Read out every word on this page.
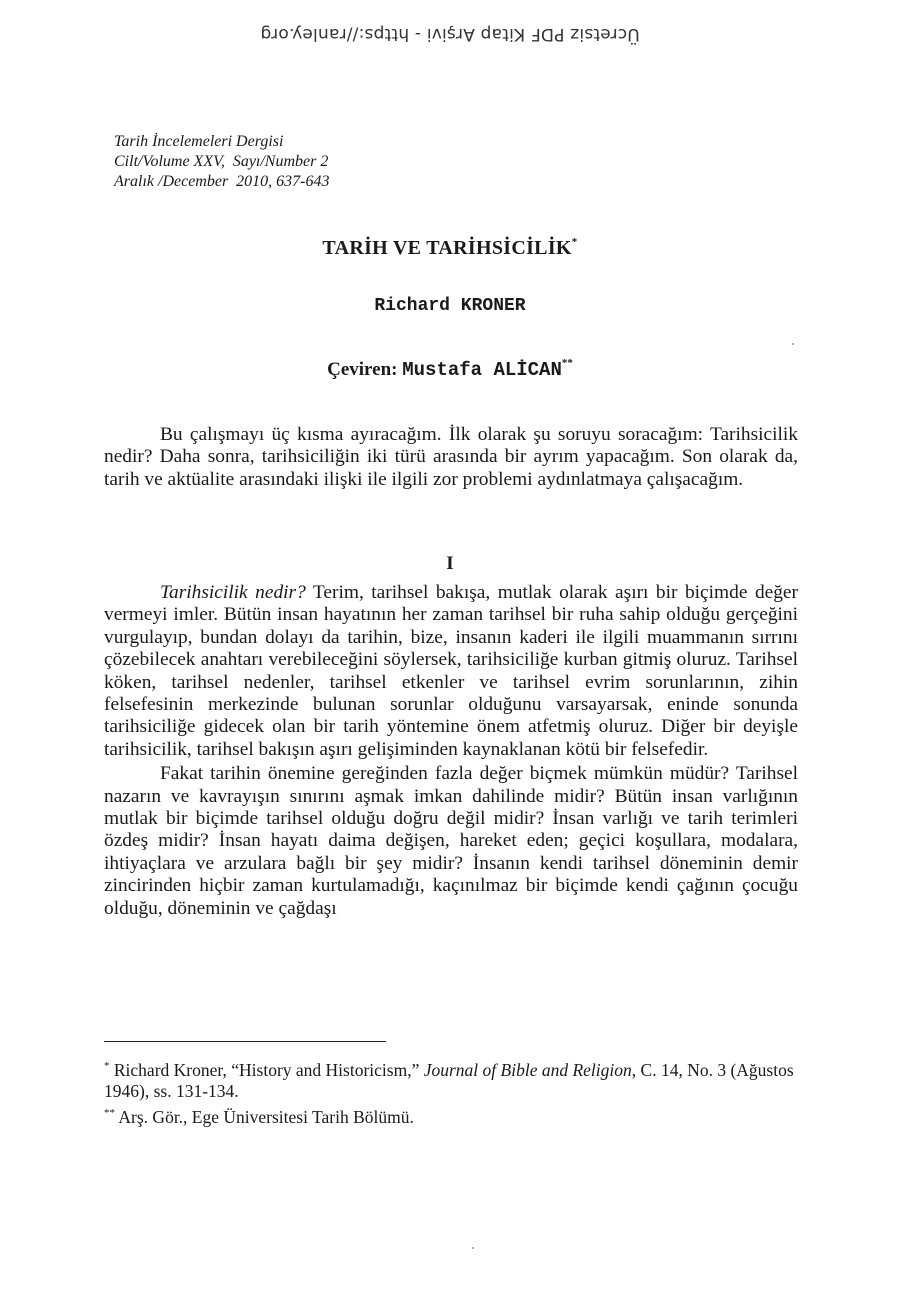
Ücretsiz PDF Kitap Arşivi - https://ranley.org
Tarih İncelemeleri Dergisi
Cilt/Volume XXV,  Sayı/Number 2
Aralık /December  2010, 637-643
TARİH VE TARİHSİCİLİK*
Richard KRONER
Çeviren: Mustafa ALİCAN**

Bu çalışmayı üç kısma ayıracağım. İlk olarak şu soruyu soracağım: Tarihsicilik nedir? Daha sonra, tarihsiciliğin iki türü arasında bir ayrım yapacağım. Son olarak da, tarih ve aktüalite arasındaki ilişki ile ilgili zor problemi aydınlatmaya çalışacağım.

I

Tarihsicilik nedir? Terim, tarihsel bakışa, mutlak olarak aşırı bir biçimde değer vermeyi imler. Bütün insan hayatının her zaman tarihsel bir ruha sahip olduğu gerçeğini vurgulayıp, bundan dolayı da tarihin, bize, insanın kaderi ile ilgili muammanın sırrını çözebilecek anahtarı verebileceğini söylersek, tarihsiciliğe kurban gitmiş oluruz. Tarihsel köken, tarihsel nedenler, tarihsel etkenler ve tarihsel evrim sorunlarının, zihin felsefesinin merkezinde bulunan sorunlar olduğunu varsayarsak, eninde sonunda tarihsiciliğe gidecek olan bir tarih yöntemine önem atfetmiş oluruz. Diğer bir deyişle tarihsicilik, tarihsel bakışın aşırı gelişiminden kaynaklanan kötü bir felsefedir.

Fakat tarihin önemine gereğinden fazla değer biçmek mümkün müdür? Tarihsel nazarın ve kavrayışın sınırını aşmak imkan dahilinde midir? Bütün insan varlığının mutlak bir biçimde tarihsel olduğu doğru değil midir? İnsan varlığı ve tarih terimleri özdeş midir? İnsan hayatı daima değişen, hareket eden; geçici koşullara, modalara, ihtiyaçlara ve arzulara bağlı bir şey midir? İnsanın kendi tarihsel döneminin demir zincirinden hiçbir zaman kurtulamadığı, kaçınılmaz bir biçimde kendi çağının çocuğu olduğu, döneminin ve çağdaşı

* Richard Kroner, “History and Historicism,” Journal of Bible and Religion, C. 14, No. 3 (Ağustos 1946), ss. 131-134.

** Arş. Gör., Ege Üniversitesi Tarih Bölümü.
